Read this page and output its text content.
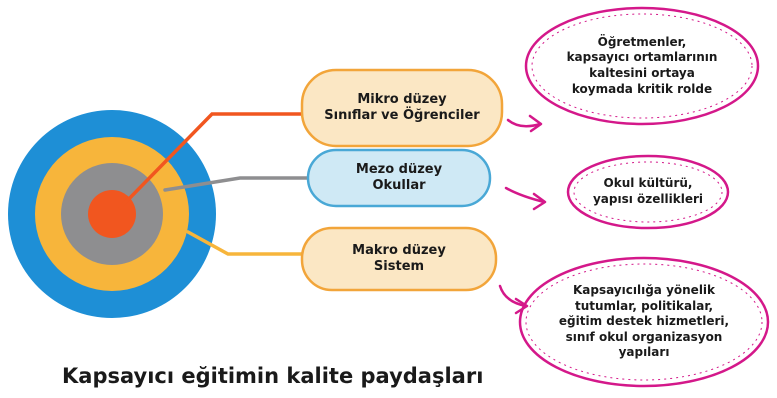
Mikro düzey
Sınıflar ve Öğrenciler
Mezo düzey
Okullar
Makro düzey
Sistem
Öğretmenler,
kapsayıcı ortamlarının
kaltesini ortaya
koymada kritik rolde
Okul kültürü,
yapısı özellikleri
Kapsayıcılığa yönelik
tutumlar, politikalar,
eğitim destek hizmetleri,
sınıf okul organizasyon
yapıları
Kapsayıcı eğitimin kalite paydaşları
